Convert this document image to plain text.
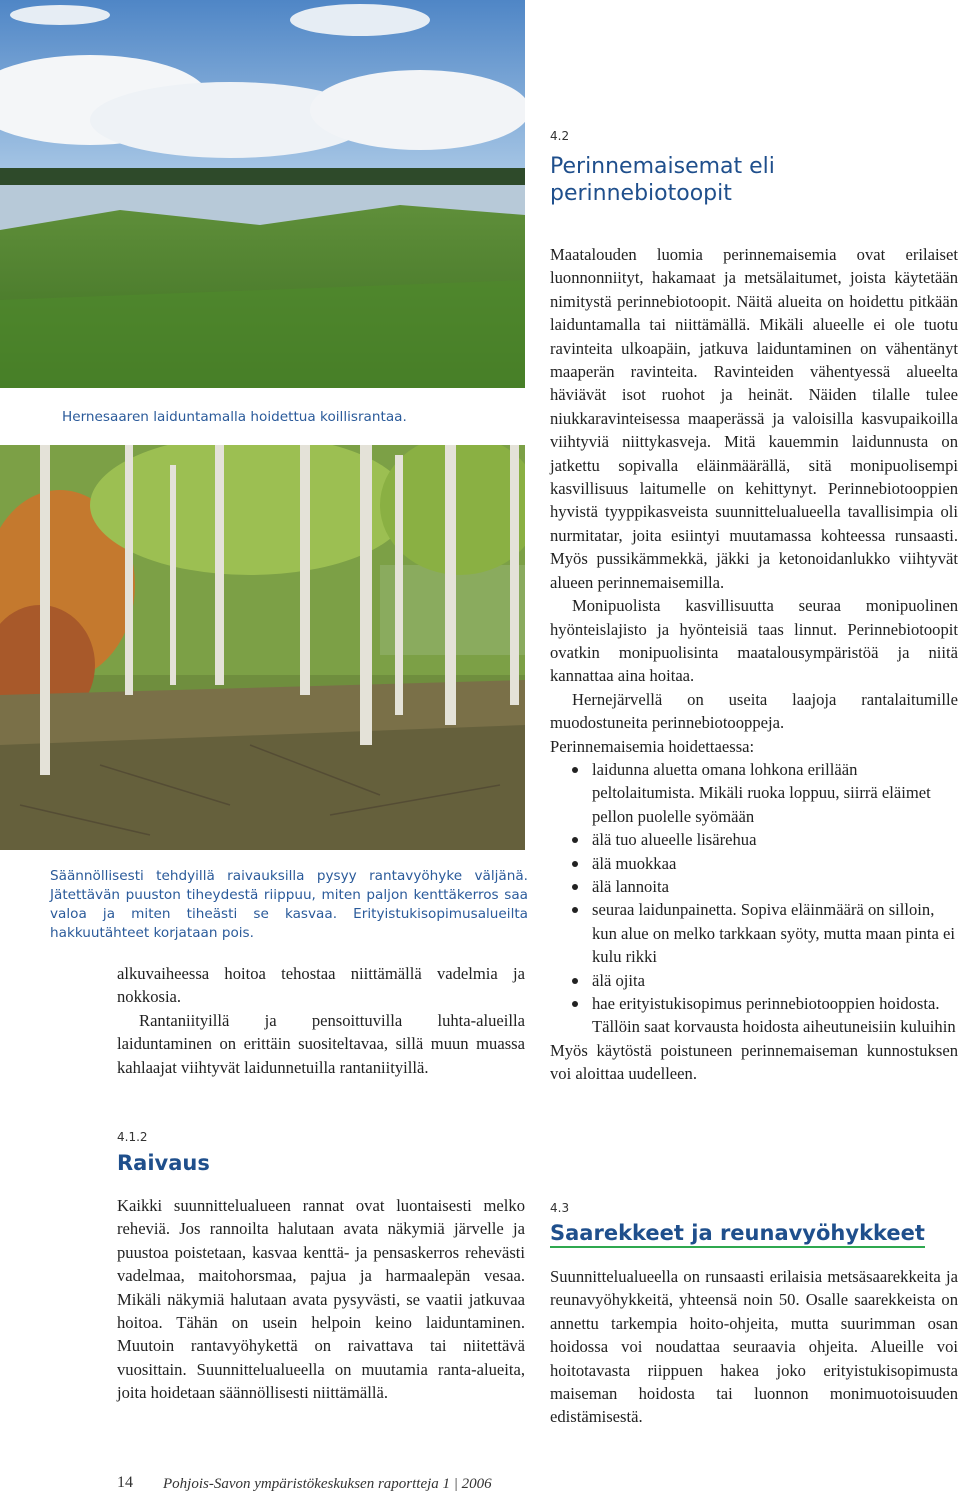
Hernesaaren laiduntamalla hoidettua koillisrantaa.
Säännöllisesti tehdyillä raivauksilla pysyy rantavyöhyke väljänä. Jätettävän puuston tiheydestä riippuu, miten paljon kenttäkerros saa valoa ja miten tiheästi se kasvaa. Erityistukisopimusalueilta hakkuutähteet korjataan pois.

alkuvaiheessa hoitoa tehostaa niittämällä vadelmia ja nokkosia.

Rantaniityillä ja pensoittuvilla luhta-alueilla laiduntaminen on erittäin suositeltavaa, sillä muun muassa kahlaajat viihtyvät laidunnetuilla rantaniityillä.

4.1.2
Raivaus

Kaikki suunnittelualueen rannat ovat luontaisesti melko reheviä. Jos rannoilta halutaan avata näkymiä järvelle ja puustoa poistetaan, kasvaa kenttä- ja pensaskerros rehevästi vadelmaa, maitohorsmaa, pajua ja harmaalepän vesaa. Mikäli näkymiä halutaan avata pysyvästi, se vaatii jatkuvaa hoitoa. Tähän on usein helpoin keino laiduntaminen. Muutoin rantavyöhykettä on raivattava tai niitettävä vuosittain. Suunnittelualueella on muutamia ranta-alueita, joita hoidetaan säännöllisesti niittämällä.

4.2
Perinnemaisemat eli perinnebiotoopit

Maatalouden luomia perinnemaisemia ovat erilaiset luonnonniityt, hakamaat ja metsälaitumet, joista käytetään nimitystä perinnebiotoopit. Näitä alueita on hoidettu pitkään laiduntamalla tai niittämällä. Mikäli alueelle ei ole tuotu ravinteita ulkoapäin, jatkuva laiduntaminen on vähentänyt maaperän ravinteita. Ravinteiden vähentyessä alueelta häviävät isot ruohot ja heinät. Näiden tilalle tulee niukkaravinteisessa maaperässä ja valoisilla kasvupaikoilla viihtyviä niittykasveja. Mitä kauemmin laidunnusta on jatkettu sopivalla eläinmäärällä, sitä monipuolisempi kasvillisuus laitumelle on kehittynyt. Perinnebiotooppien hyvistä tyyppikasveista suunnittelualueella tavallisimpia oli nurmitatar, joita esiintyi muutamassa kohteessa runsaasti. Myös pussikämmekkä, jäkki ja ketonoidanlukko viihtyvät alueen perinnemaisemilla.

Monipuolista kasvillisuutta seuraa monipuolinen hyönteislajisto ja hyönteisiä taas linnut. Perinnebiotoopit ovatkin monipuolisinta maatalousympäristöä ja niitä kannattaa aina hoitaa.

Hernejärvellä on useita laajoja rantalaitumille muodostuneita perinnebiotooppeja.

Perinnemaisemia hoidettaessa:

laidunna aluetta omana lohkona erillään peltolaitumista. Mikäli ruoka loppuu, siirrä eläimet pellon puolelle syömään
älä tuo alueelle lisärehua
älä muokkaa
älä lannoita
seuraa laidunpainetta. Sopiva eläinmäärä on silloin, kun alue on melko tarkkaan syöty, mutta maan pinta ei kulu rikki
älä ojita
hae erityistukisopimus perinnebiotooppien hoidosta. Tällöin saat korvausta hoidosta aiheutuneisiin kuluihin

Myös käytöstä poistuneen perinnemaiseman kunnostuksen voi aloittaa uudelleen.

4.3
Saarekkeet ja reunavyöhykkeet

Suunnittelualueella on runsaasti erilaisia metsäsaarekkeita ja reunavyöhykkeitä, yhteensä noin 50. Osalle saarekkeista on annettu tarkempia hoito-ohjeita, mutta suurimman osan hoidossa voi noudattaa seuraavia ohjeita. Alueille voi hoitotavasta riippuen hakea joko erityistukisopimusta maiseman hoidosta tai luonnon monimuotoisuuden edistämisestä.

14 Pohjois-Savon ympäristökeskuksen raportteja 1 | 2006
